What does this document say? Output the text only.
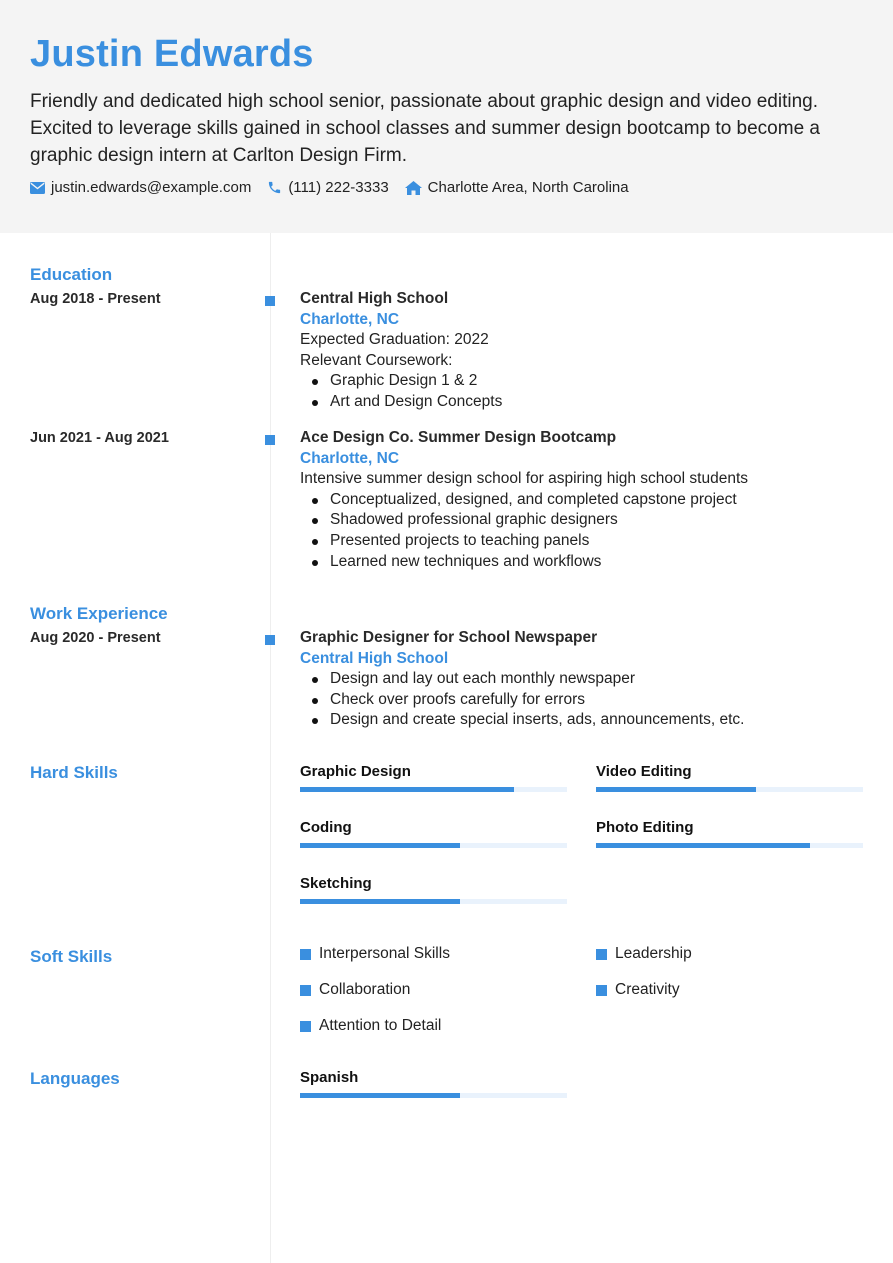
Justin Edwards
Friendly and dedicated high school senior, passionate about graphic design and video editing. Excited to leverage skills gained in school classes and summer design bootcamp to become a graphic design intern at Carlton Design Firm.
justin.edwards@example.com (111) 222-3333	Charlotte Area, North Carolina
Education
Aug 2018 - Present	Central High School
Charlotte, NC
Expected Graduation: 2022
Relevant Coursework:
Graphic Design 1 & 2
Art and Design Concepts
Jun 2021 - Aug 2021	Ace Design Co. Summer Design Bootcamp
Charlotte, NC
Intensive summer design school for aspiring high school students
Conceptualized, designed, and completed capstone project
Shadowed professional graphic designers
Presented projects to teaching panels
Learned new techniques and workflows
Work Experience
Aug 2020 - Present	Graphic Designer for School Newspaper
Central High School
Design and lay out each monthly newspaper
Check over proofs carefully for errors
Design and create special inserts, ads, announcements, etc.
Hard Skills	Graphic Design	Video Editing
Coding	Photo Editing
Sketching
Soft Skills	Interpersonal Skills	Leadership
Collaboration	Creativity
Attention to Detail
Languages	Spanish
